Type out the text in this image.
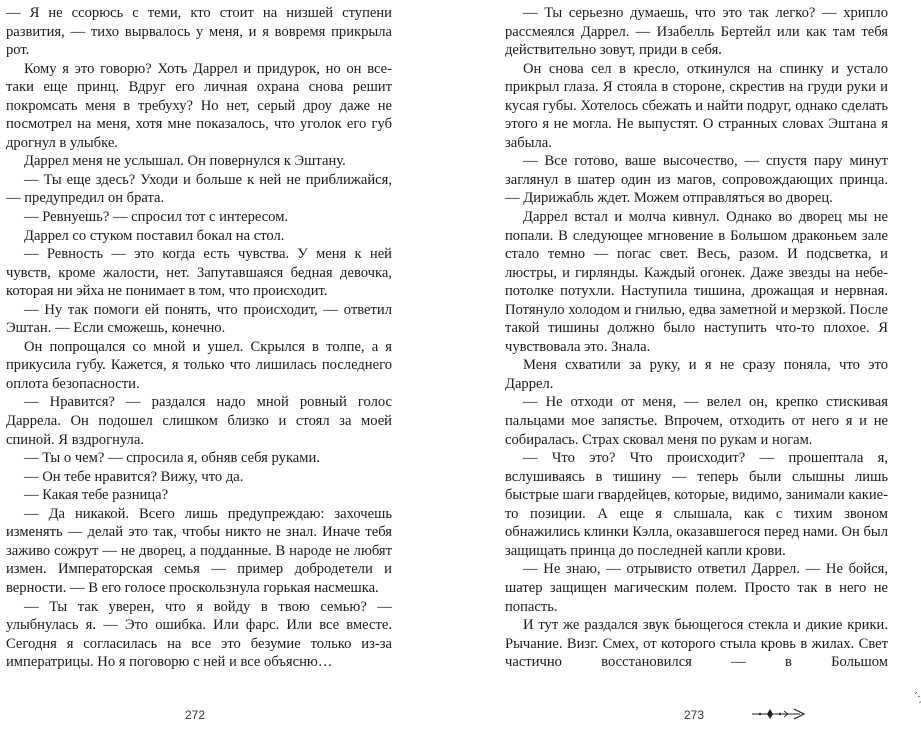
— Я не ссорюсь с теми, кто стоит на низшей ступени развития, — тихо вырвалось у меня, и я вовремя прикрыла рот.

Кому я это говорю? Хоть Даррел и придурок, но он все-таки еще принц. Вдруг его личная охрана снова решит покромсать меня в требуху? Но нет, серый дроу даже не посмотрел на меня, хотя мне показалось, что уголок его губ дрогнул в улыбке.

Даррел меня не услышал. Он повернулся к Эштану.

— Ты еще здесь? Уходи и больше к ней не приближайся, — предупредил он брата.

— Ревнуешь? — спросил тот с интересом.

Даррел со стуком поставил бокал на стол.

— Ревность — это когда есть чувства. У меня к ней чувств, кроме жалости, нет. Запутавшаяся бедная девочка, которая ни эйха не понимает в том, что происходит.

— Ну так помоги ей понять, что происходит, — ответил Эштан. — Если сможешь, конечно.

Он попрощался со мной и ушел. Скрылся в толпе, а я прикусила губу. Кажется, я только что лишилась последнего оплота безопасности.

— Нравится? — раздался надо мной ровный голос Даррела. Он подошел слишком близко и стоял за моей спиной. Я вздрогнула.

— Ты о чем? — спросила я, обняв себя руками.

— Он тебе нравится? Вижу, что да.

— Какая тебе разница?

— Да никакой. Всего лишь предупреждаю: захочешь изменять — делай это так, чтобы никто не знал. Иначе тебя заживо сожрут — не дворец, а подданные. В народе не любят измен. Императорская семья — пример добродетели и верности. — В его голосе проскользнула горькая насмешка.

— Ты так уверен, что я войду в твою семью? — улыбнулась я. — Это ошибка. Или фарс. Или все вместе. Сегодня я согласилась на все это безумие только из-за императрицы. Но я поговорю с ней и все объясню…

— Ты серьезно думаешь, что это так легко? — хрипло рассмеялся Даррел. — Изабелль Бертейл или как там тебя действительно зовут, приди в себя.

Он снова сел в кресло, откинулся на спинку и устало прикрыл глаза. Я стояла в стороне, скрестив на груди руки и кусая губы. Хотелось сбежать и найти подруг, однако сделать этого я не могла. Не выпустят. О странных словах Эштана я забыла.

— Все готово, ваше высочество, — спустя пару минут заглянул в шатер один из магов, сопровождающих принца. — Дирижабль ждет. Можем отправляться во дворец.

Даррел встал и молча кивнул. Однако во дворец мы не попали. В следующее мгновение в Большом драконьем зале стало темно — погас свет. Весь, разом. И подсветка, и люстры, и гирлянды. Каждый огонек. Даже звезды на небе-потолке потухли. Наступила тишина, дрожащая и нервная. Потянуло холодом и гнилью, едва заметной и мерзкой. После такой тишины должно было наступить что-то плохое. Я чувствовала это. Знала.

Меня схватили за руку, и я не сразу поняла, что это Даррел.

— Не отходи от меня, — велел он, крепко стискивая пальцами мое запястье. Впрочем, отходить от него я и не собиралась. Страх сковал меня по рукам и ногам.

— Что это? Что происходит? — прошептала я, вслушиваясь в тишину — теперь были слышны лишь быстрые шаги гвардейцев, которые, видимо, занимали какие-то позиции. А еще я слышала, как с тихим звоном обнажились клинки Кэлла, оказавшегося перед нами. Он был защищать принца до последней капли крови.

— Не знаю, — отрывисто ответил Даррел. — Не бойся, шатер защищен магическим полем. Просто так в него не попасть.

И тут же раздался звук бьющегося стекла и дикие крики. Рычание. Визг. Смех, от которого стыла кровь в жилах. Свет частично восстановился — в Большом

272	273
